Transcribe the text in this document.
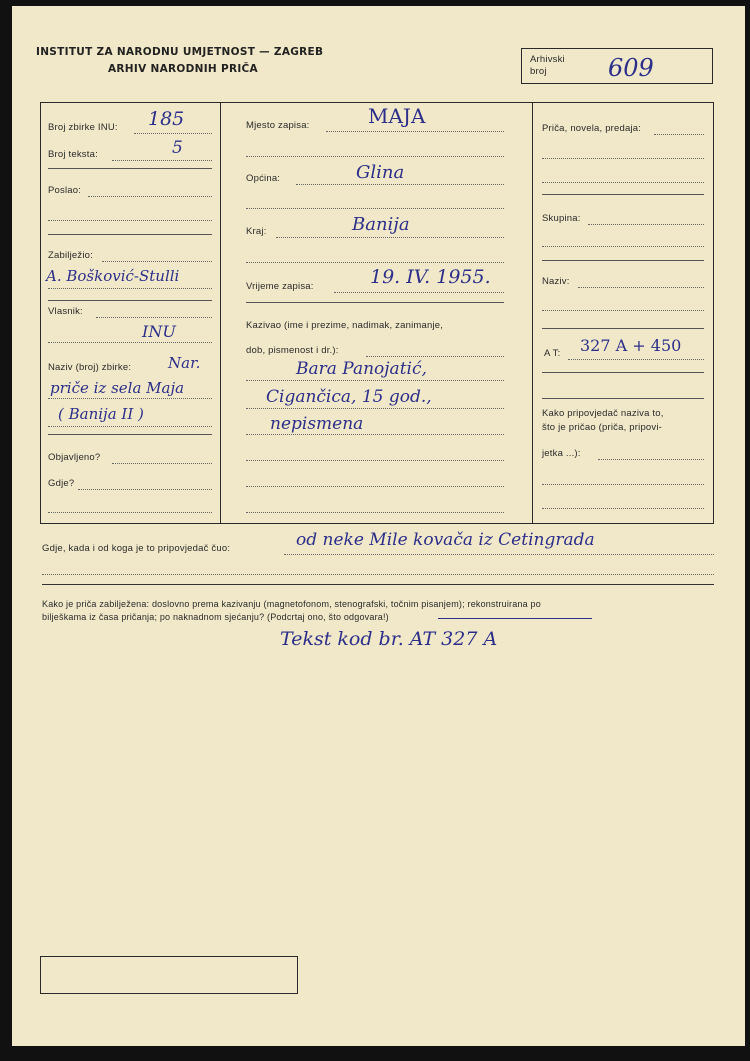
INSTITUT ZA NARODNU UMJETNOST — ZAGREB
ARHIV NARODNIH PRIČA
Arhivski
broj	609
Broj zbirke INU: 185
Broj teksta:	5
Poslao:
Zabilježio:
A. Bošković-Stulli
Vlasnik:
INU
Naziv (broj) zbirke: Nar.
priče iz sela Maja
( Banija II )
Objavljeno?
Gdje?
Mjesto zapisa:	MAJA
Općina:	Glina
Kraj:	Banija
Vrijeme zapisa:	19. IV. 1955.
Kazivao (ime i prezime, nadimak, zanimanje,
dob, pismenost i dr.):
Bara Panojatić,
Cigančica, 15 god.,
nepismena
Priča, novela, predaja:
Skupina:
Naziv:
A T: 327 A + 450
Kako pripovjedač naziva to,
što je pričao (priča, pripovi-
jetka ...):
Gdje, kada i od koga je to pripovjedač čuo:	od neke Mile kovača iz Cetingrada
Kako je priča zabilježena: doslovno prema kazivanju (magnetofonom, stenografski, točnim pisanjem); rekonstruirana po
bilješkama iz časa pričanja; po naknadnom sjećanju? (Podcrtaj ono, što odgovara!)
Tekst kod br. AT 327 A
